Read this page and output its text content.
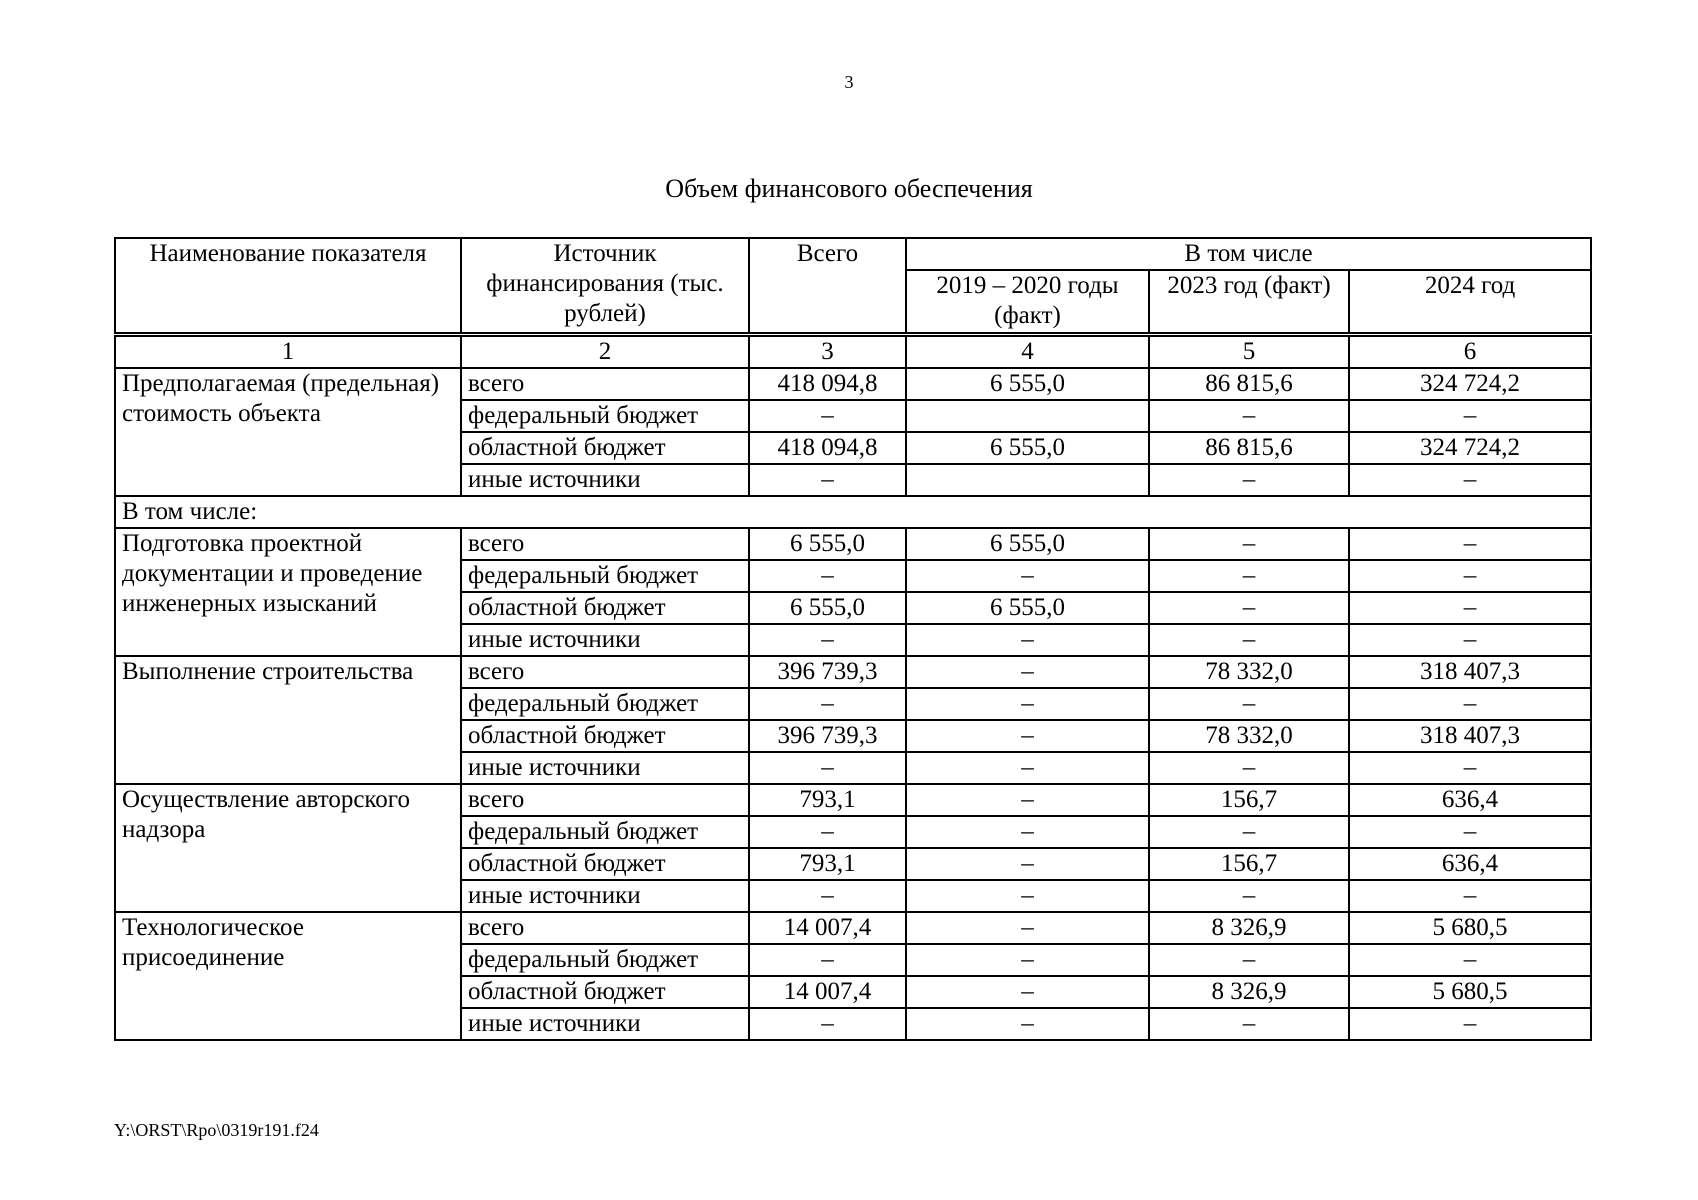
3
Объем финансового обеспечения
Наименование показателя	Источник финансирования (тыс. рублей)	Всего	В том числе		
			2019 – 2020 годы (факт)	2023 год (факт)	2024 год
1	2	3	4	5	6
Предполагаемая (предельная) стоимость объекта	всего	418 094,8	6 555,0	86 815,6	324 724,2
	федеральный бюджет	–		–	–
	областной бюджет	418 094,8	6 555,0	86 815,6	324 724,2
	иные источники	–		–	–
В том числе:					
Подготовка проектной документации и проведение инженерных изысканий	всего	6 555,0	6 555,0	–	–
	федеральный бюджет	–	–	–	–
	областной бюджет	6 555,0	6 555,0	–	–
	иные источники	–	–	–	–
Выполнение строительства	всего	396 739,3	–	78 332,0	318 407,3
	федеральный бюджет	–	–	–	–
	областной бюджет	396 739,3	–	78 332,0	318 407,3
	иные источники	–	–	–	–
Осуществление авторского надзора	всего	793,1	–	156,7	636,4
	федеральный бюджет	–	–	–	–
	областной бюджет	793,1	–	156,7	636,4
	иные источники	–	–	–	–
Технологическое присоединение	всего	14 007,4	–	8 326,9	5 680,5
	федеральный бюджет	–	–	–	–
	областной бюджет	14 007,4	–	8 326,9	5 680,5
	иные источники	–	–	–	–
Y:\ORST\Rpo\0319r191.f24
